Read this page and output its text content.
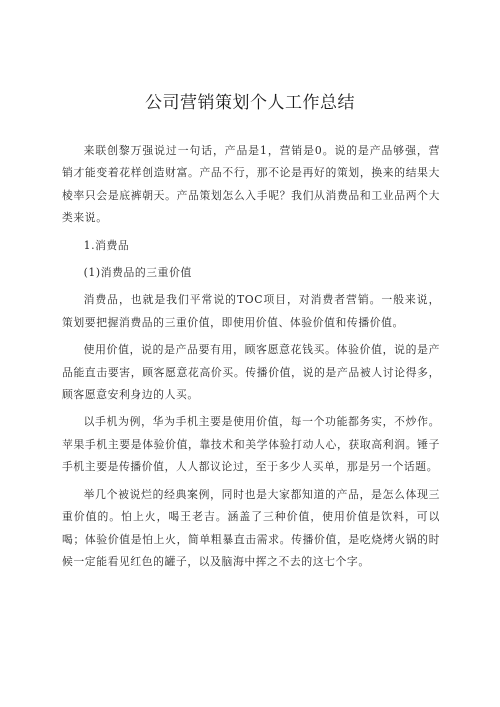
公司营销策划个人工作总结

来联创黎万强说过一句话，产品是1，营销是0。说的是产品够强，营销才能变着花样创造财富。产品不行，那不论是再好的策划，换来的结果大棱率只会是底裤朝天。产品策划怎么入手呢？我们从消费品和工业品两个大类来说。

1.消费品

(1)消费品的三重价值

消费品，也就是我们平常说的TOC项目，对消费者营销。一般来说，策划要把握消费品的三重价值，即使用价值、体验价值和传播价值。

使用价值，说的是产品要有用，顾客愿意花钱买。体验价值，说的是产品能直击要害，顾客愿意花高价买。传播价值，说的是产品被人讨论得多，顾客愿意安利身边的人买。

以手机为例，华为手机主要是使用价值，每一个功能都务实，不炒作。苹果手机主要是体验价值，靠技术和美学体验打动人心，获取高利润。锤子手机主要是传播价值，人人都议论过，至于多少人买单，那是另一个话题。

举几个被说烂的经典案例，同时也是大家都知道的产品，是怎么体现三重价值的。怕上火，喝王老吉。涵盖了三种价值，使用价值是饮料，可以喝；体验价值是怕上火，简单粗暴直击需求。传播价值，是吃烧烤火锅的时候一定能看见红色的罐子，以及脑海中挥之不去的这七个字。
